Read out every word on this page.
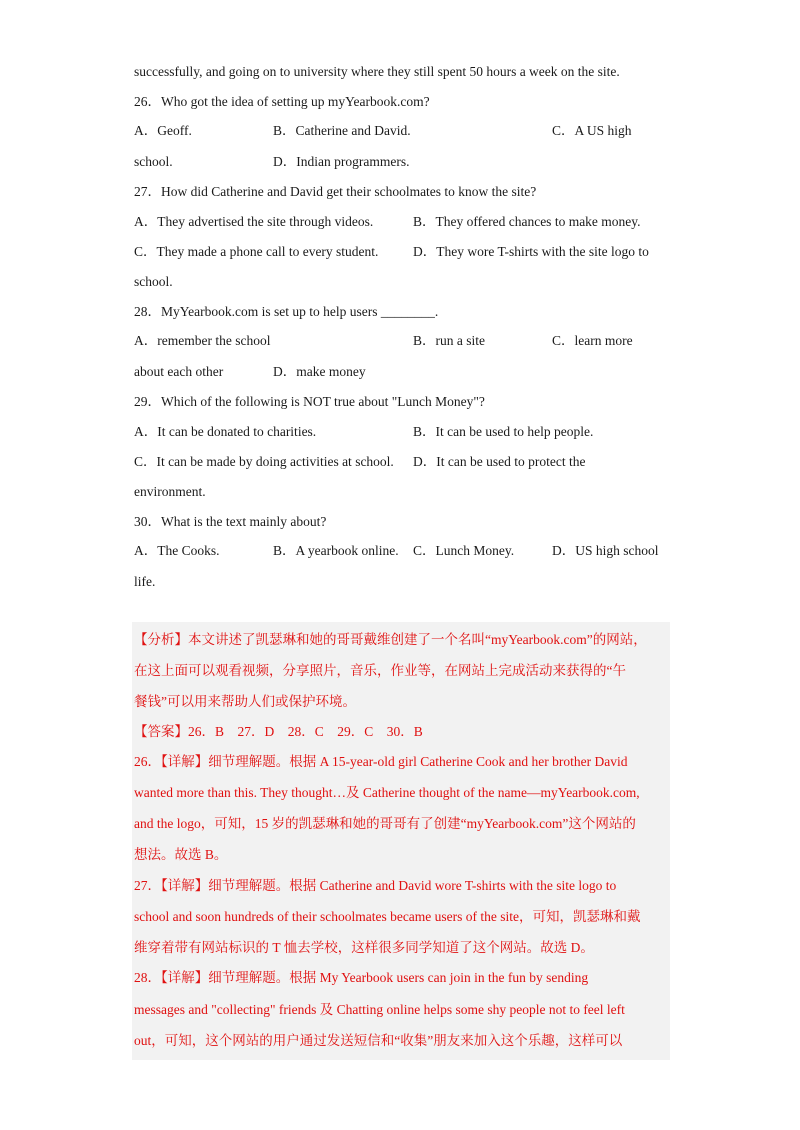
successfully, and going on to university where they still spent 50 hours a week on the site.
26．Who got the idea of setting up myYearbook.com?
A．Geoff.	B．Catherine and David.	C．A US high
school.	D．Indian programmers.
27．How did Catherine and David get their schoolmates to know the site?
A．They advertised the site through videos.	B．They offered chances to make money.
C．They made a phone call to every student.	D．They wore T-shirts with the site logo to
school.
28．MyYearbook.com is set up to help users ________.
A．remember the school	B．run a site	C．learn more
about each other	D．make money
29．Which of the following is NOT true about "Lunch Money"?
A．It can be donated to charities.	B．It can be used to help people.
C．It can be made by doing activities at school. D．It can be used to protect the
environment.
30．What is the text mainly about?
A．The Cooks.	B．A yearbook online. C．Lunch Money.	D．US high school
life.
【分析】本文讲述了凯瑟琳和她的哥哥戴维创建了一个名叫“myYearbook.com”的网站，
在这上面可以观看视频，分享照片，音乐，作业等，在网站上完成活动来获得的“午
餐钱”可以用来帮助人们或保护环境。
【答案】26．B　27．D　28．C　29．C　30．B
26．【详解】细节理解题。根据 A 15-year-old girl Catherine Cook and her brother David
wanted more than this. They thought…及 Catherine thought of the name—myYearbook.com,
and the logo，可知，15 岁的凯瑟琳和她的哥哥有了创建“myYearbook.com”这个网站的
想法。故选 B。
27．【详解】细节理解题。根据 Catherine and David wore T-shirts with the site logo to
school and soon hundreds of their schoolmates became users of the site，可知，凯瑟琳和戴
维穿着带有网站标识的 T 恤去学校，这样很多同学知道了这个网站。故选 D。
28．【详解】细节理解题。根据 My Yearbook users can join in the fun by sending
messages and "collecting" friends 及 Chatting online helps some shy people not to feel left
out，可知，这个网站的用户通过发送短信和“收集”朋友来加入这个乐趣，这样可以
